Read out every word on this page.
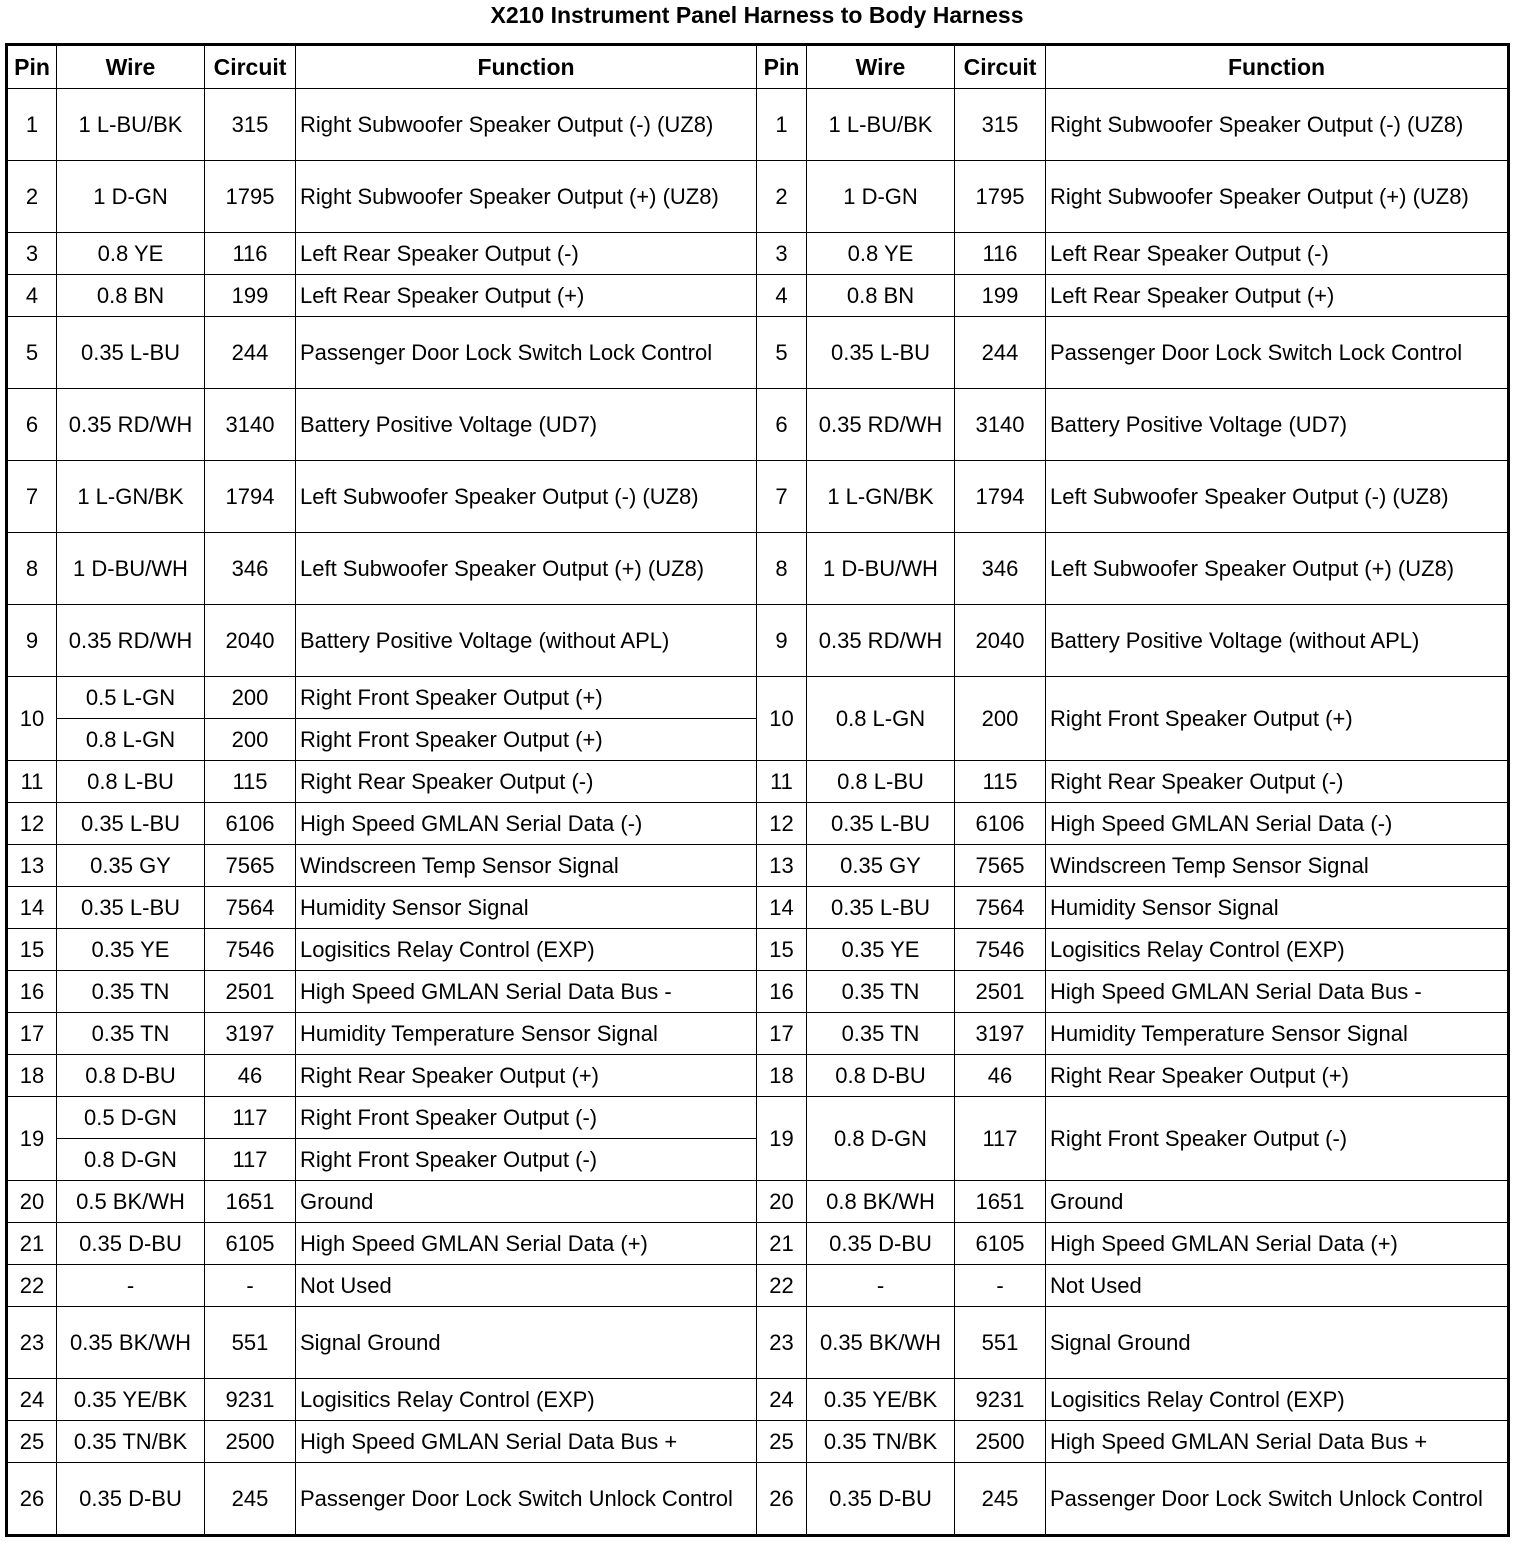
X210 Instrument Panel Harness to Body Harness
Pin	Wire	Circuit	Function	Pin	Wire	Circuit	Function
1	1 L-BU/BK	315	Right Subwoofer Speaker Output (-) (UZ8)	1	1 L-BU/BK	315	Right Subwoofer Speaker Output (-) (UZ8)
2	1 D-GN	1795	Right Subwoofer Speaker Output (+) (UZ8)	2	1 D-GN	1795	Right Subwoofer Speaker Output (+) (UZ8)
3	0.8 YE	116	Left Rear Speaker Output (-)	3	0.8 YE	116	Left Rear Speaker Output (-)
4	0.8 BN	199	Left Rear Speaker Output (+)	4	0.8 BN	199	Left Rear Speaker Output (+)
5	0.35 L-BU	244	Passenger Door Lock Switch Lock Control	5	0.35 L-BU	244	Passenger Door Lock Switch Lock Control
6	0.35 RD/WH	3140	Battery Positive Voltage (UD7)	6	0.35 RD/WH	3140	Battery Positive Voltage (UD7)
7	1 L-GN/BK	1794	Left Subwoofer Speaker Output (-) (UZ8)	7	1 L-GN/BK	1794	Left Subwoofer Speaker Output (-) (UZ8)
8	1 D-BU/WH	346	Left Subwoofer Speaker Output (+) (UZ8)	8	1 D-BU/WH	346	Left Subwoofer Speaker Output (+) (UZ8)
9	0.35 RD/WH	2040	Battery Positive Voltage (without APL)	9	0.35 RD/WH	2040	Battery Positive Voltage (without APL)
10	0.5 L-GN	200	Right Front Speaker Output (+)	10	0.8 L-GN	200	Right Front Speaker Output (+)
	0.8 L-GN	200	Right Front Speaker Output (+)				
11	0.8 L-BU	115	Right Rear Speaker Output (-)	11	0.8 L-BU	115	Right Rear Speaker Output (-)
12	0.35 L-BU	6106	High Speed GMLAN Serial Data (-)	12	0.35 L-BU	6106	High Speed GMLAN Serial Data (-)
13	0.35 GY	7565	Windscreen Temp Sensor Signal	13	0.35 GY	7565	Windscreen Temp Sensor Signal
14	0.35 L-BU	7564	Humidity Sensor Signal	14	0.35 L-BU	7564	Humidity Sensor Signal
15	0.35 YE	7546	Logisitics Relay Control (EXP)	15	0.35 YE	7546	Logisitics Relay Control (EXP)
16	0.35 TN	2501	High Speed GMLAN Serial Data Bus -	16	0.35 TN	2501	High Speed GMLAN Serial Data Bus -
17	0.35 TN	3197	Humidity Temperature Sensor Signal	17	0.35 TN	3197	Humidity Temperature Sensor Signal
18	0.8 D-BU	46	Right Rear Speaker Output (+)	18	0.8 D-BU	46	Right Rear Speaker Output (+)
19	0.5 D-GN	117	Right Front Speaker Output (-)	19	0.8 D-GN	117	Right Front Speaker Output (-)
	0.8 D-GN	117	Right Front Speaker Output (-)				
20	0.5 BK/WH	1651	Ground	20	0.8 BK/WH	1651	Ground
21	0.35 D-BU	6105	High Speed GMLAN Serial Data (+)	21	0.35 D-BU	6105	High Speed GMLAN Serial Data (+)
22	-	-	Not Used	22	-	-	Not Used
23	0.35 BK/WH	551	Signal Ground	23	0.35 BK/WH	551	Signal Ground
24	0.35 YE/BK	9231	Logisitics Relay Control (EXP)	24	0.35 YE/BK	9231	Logisitics Relay Control (EXP)
25	0.35 TN/BK	2500	High Speed GMLAN Serial Data Bus +	25	0.35 TN/BK	2500	High Speed GMLAN Serial Data Bus +
26	0.35 D-BU	245	Passenger Door Lock Switch Unlock Control	26	0.35 D-BU	245	Passenger Door Lock Switch Unlock Control
